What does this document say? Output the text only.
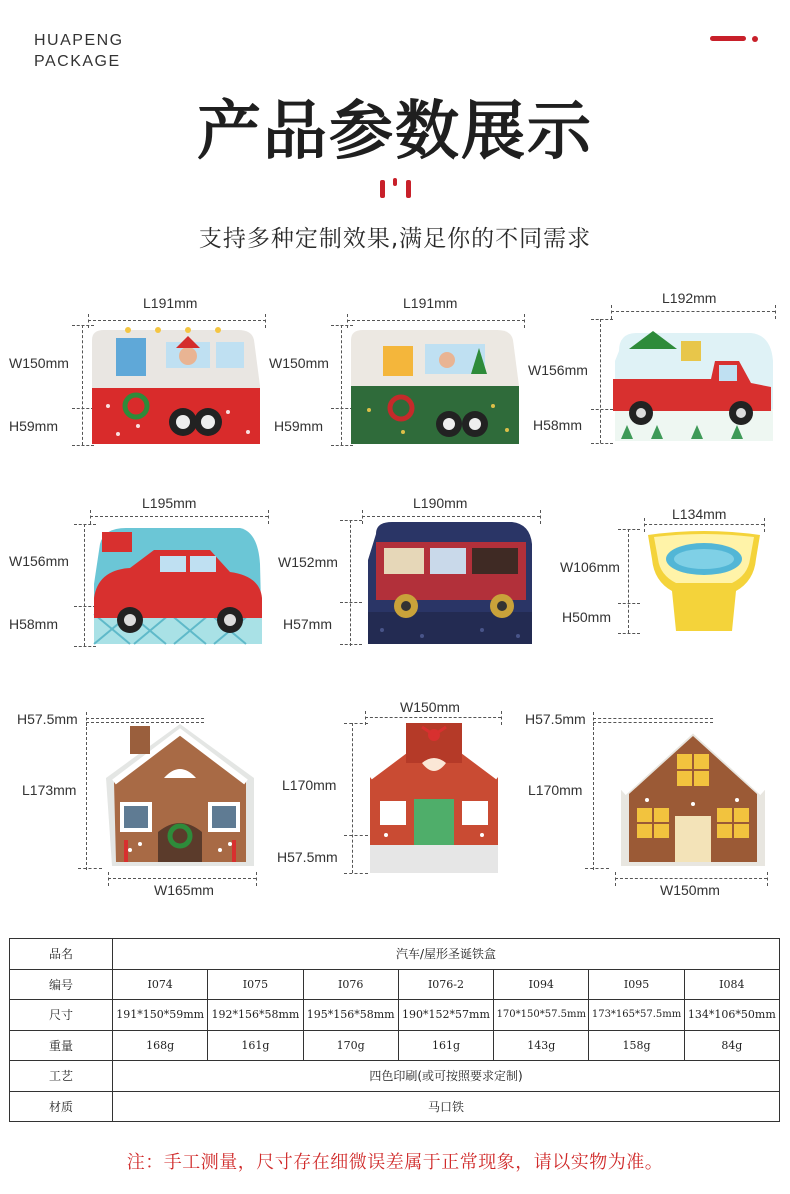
HUAPENG
PACKAGE
产品参数展示
支持多种定制效果,满足你的不同需求
L191mm
W150mm
H59mm
L191mm
W150mm
H59mm
L192mm
W156mm
H58mm
L195mm
W156mm
H58mm
L190mm
W152mm
H57mm
L134mm
W106mm
H50mm
H57.5mm
L173mm
W165mm
W150mm
L170mm
H57.5mm
H57.5mm
L170mm
W150mm
品名	汽车/屋形圣诞铁盒						
编号	I074	I075	I076	I076-2	I094	I095	I084
尺寸	191*150*59mm	192*156*58mm	195*156*58mm	190*152*57mm	170*150*57.5mm	173*165*57.5mm	134*106*50mm
重量	168g	161g	170g	161g	143g	158g	84g
工艺	四色印刷(或可按照要求定制)						
材质	马口铁						
注：手工测量，尺寸存在细微误差属于正常现象，请以实物为准。
